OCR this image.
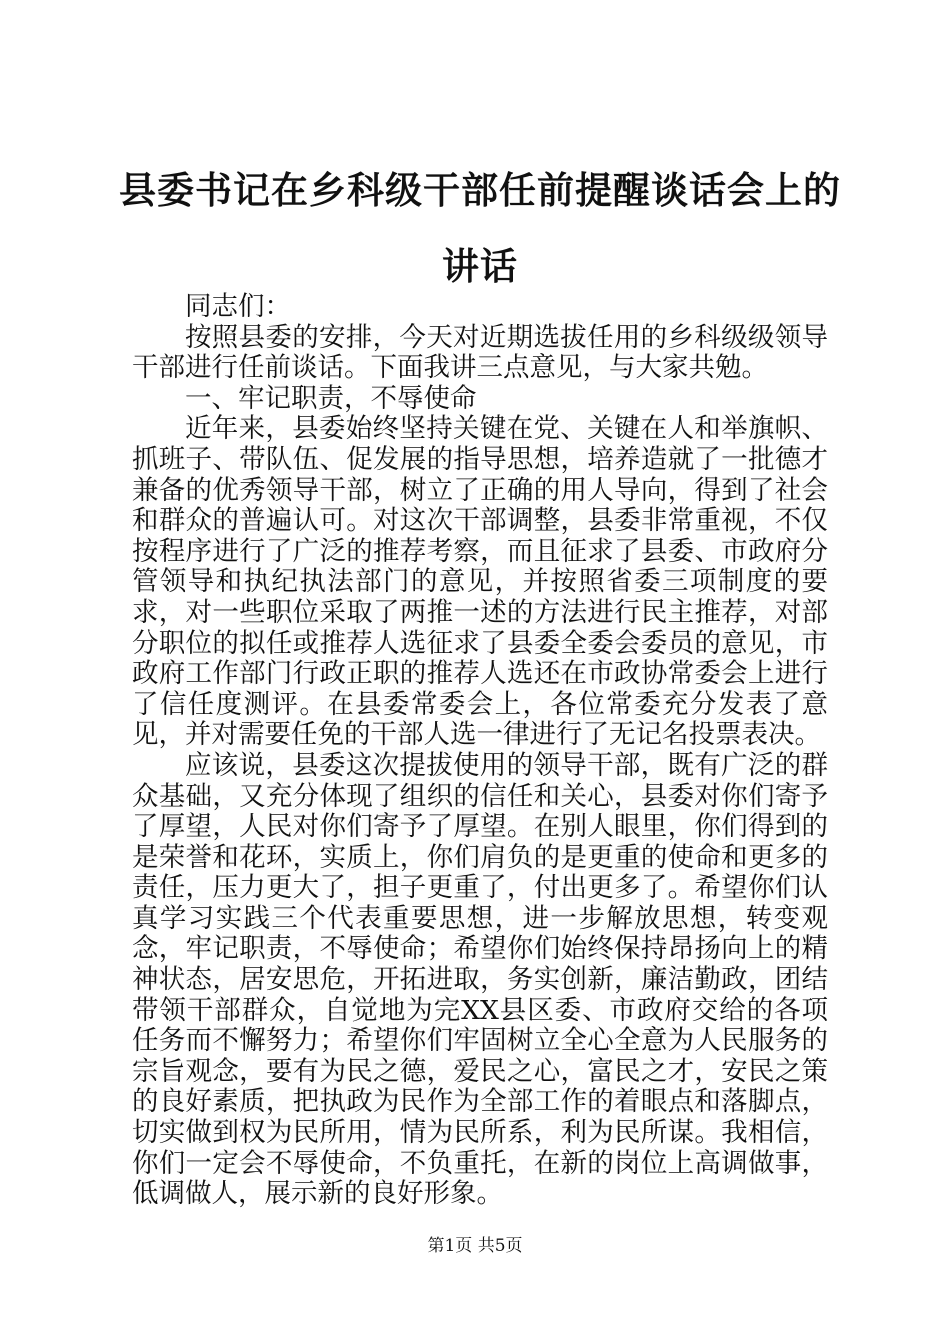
县委书记在乡科级干部任前提醒谈话会上的讲话

同志们：

按照县委的安排，今天对近期选拔任用的乡科级级领导干部进行任前谈话。下面我讲三点意见，与大家共勉。

一、牢记职责，不辱使命

近年来，县委始终坚持关键在党、关键在人和举旗帜、抓班子、带队伍、促发展的指导思想，培养造就了一批德才兼备的优秀领导干部，树立了正确的用人导向，得到了社会和群众的普遍认可。对这次干部调整，县委非常重视，不仅按程序进行了广泛的推荐考察，而且征求了县委、市政府分管领导和执纪执法部门的意见，并按照省委三项制度的要求，对一些职位采取了两推一述的方法进行民主推荐，对部分职位的拟任或推荐人选征求了县委全委会委员的意见，市政府工作部门行政正职的推荐人选还在市政协常委会上进行了信任度测评。在县委常委会上，各位常委充分发表了意见，并对需要任免的干部人选一律进行了无记名投票表决。

应该说，县委这次提拔使用的领导干部，既有广泛的群众基础，又充分体现了组织的信任和关心，县委对你们寄予了厚望，人民对你们寄予了厚望。在别人眼里，你们得到的是荣誉和花环，实质上，你们肩负的是更重的使命和更多的责任，压力更大了，担子更重了，付出更多了。希望你们认真学习实践三个代表重要思想，进一步解放思想，转变观念，牢记职责，不辱使命；希望你们始终保持昂扬向上的精神状态，居安思危，开拓进取，务实创新，廉洁勤政，团结带领干部群众，自觉地为完XX县区委、市政府交给的各项任务而不懈努力；希望你们牢固树立全心全意为人民服务的宗旨观念，要有为民之德，爱民之心，富民之才，安民之策的良好素质，把执政为民作为全部工作的着眼点和落脚点，切实做到权为民所用，情为民所系，利为民所谋。我相信，你们一定会不辱使命，不负重托，在新的岗位上高调做事，低调做人，展示新的良好形象。

第1页 共5页
